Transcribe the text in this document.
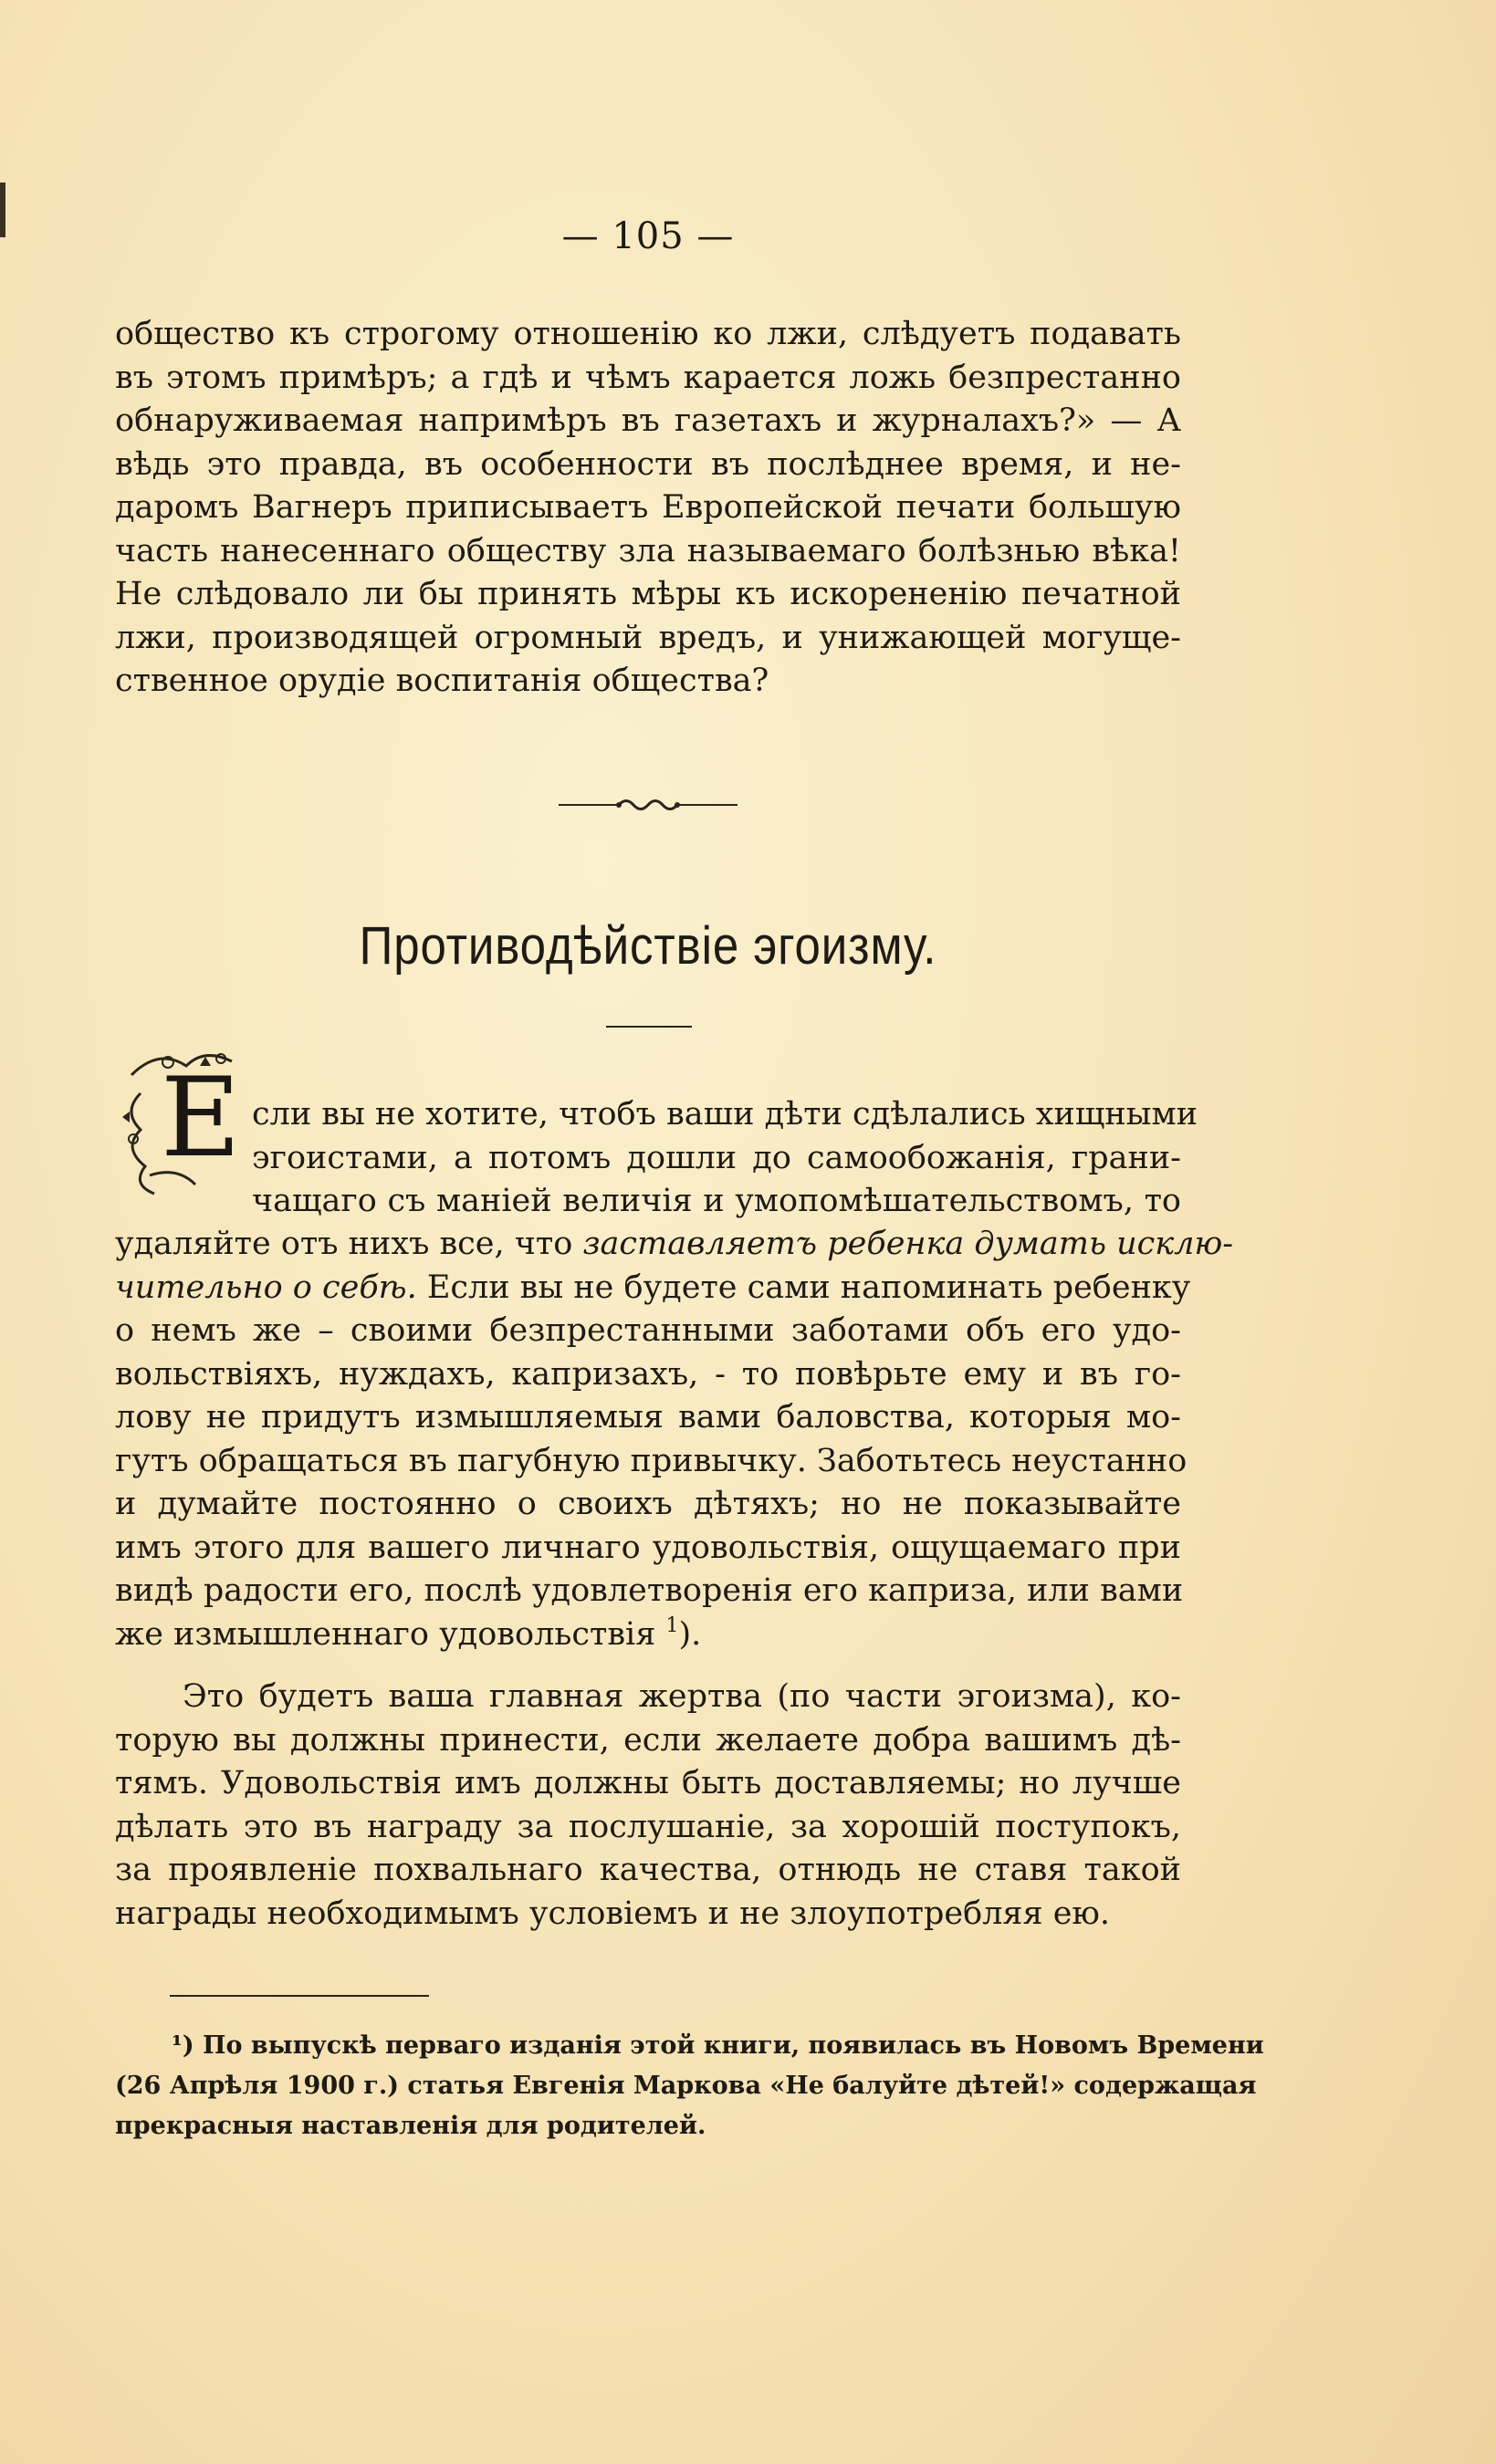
— 105 —
общество къ строгому отношенію ко лжи, слѣдуетъ подавать
въ этомъ примѣръ; а гдѣ и чѣмъ карается ложь безпрестанно
обнаруживаемая напримѣръ въ газетахъ и журналахъ?» — А
вѣдь это правда, въ особенности въ послѣднее время, и не-
даромъ Вагнеръ приписываетъ Европейской печати большую
часть нанесеннаго обществу зла называемаго болѣзнью вѣка!
Не слѣдовало ли бы принять мѣры къ искорененію печатной
лжи, производящей огромный вредъ, и унижающей могуще-
ственное орудіе воспитанія общества?
Противодѣйствіе эгоизму.
Е сли вы не хотите, чтобъ ваши дѣти сдѣлались хищными
эгоистами, а потомъ дошли до самообожанія, грани-
чащаго съ маніей величія и умопомѣшательствомъ, то
удаляйте отъ нихъ все, что заставляетъ ребенка думать исклю-
чительно о себѣ. Если вы не будете сами напоминать ребенку
о немъ же – своими безпрестанными заботами объ его удо-
вольствіяхъ, нуждахъ, капризахъ, - то повѣрьте ему и въ го-
лову не придутъ измышляемыя вами баловства, которыя мо-
гутъ обращаться въ пагубную привычку. Заботьтесь неустанно
и думайте постоянно о своихъ дѣтяхъ; но не показывайте
имъ этого для вашего личнаго удовольствія, ощущаемаго при
видѣ радости его, послѣ удовлетворенія его каприза, или вами
же измышленнаго удовольствія $^1$).
Это будетъ ваша главная жертва (по части эгоизма), ко-
торую вы должны принести, если желаете добра вашимъ дѣ-
тямъ. Удовольствія имъ должны быть доставляемы; но лучше
дѣлать это въ награду за послушаніе, за хорошій поступокъ,
за проявленіе похвальнаго качества, отнюдь не ставя такой
награды необходимымъ условіемъ и не злоупотребляя ею.
¹) По выпускѣ перваго изданія этой книги, появилась въ Новомъ Времени
(26 Апрѣля 1900 г.) статья Евгенія Маркова «Не балуйте дѣтей!» содержащая
прекрасныя наставленія для родителей.
